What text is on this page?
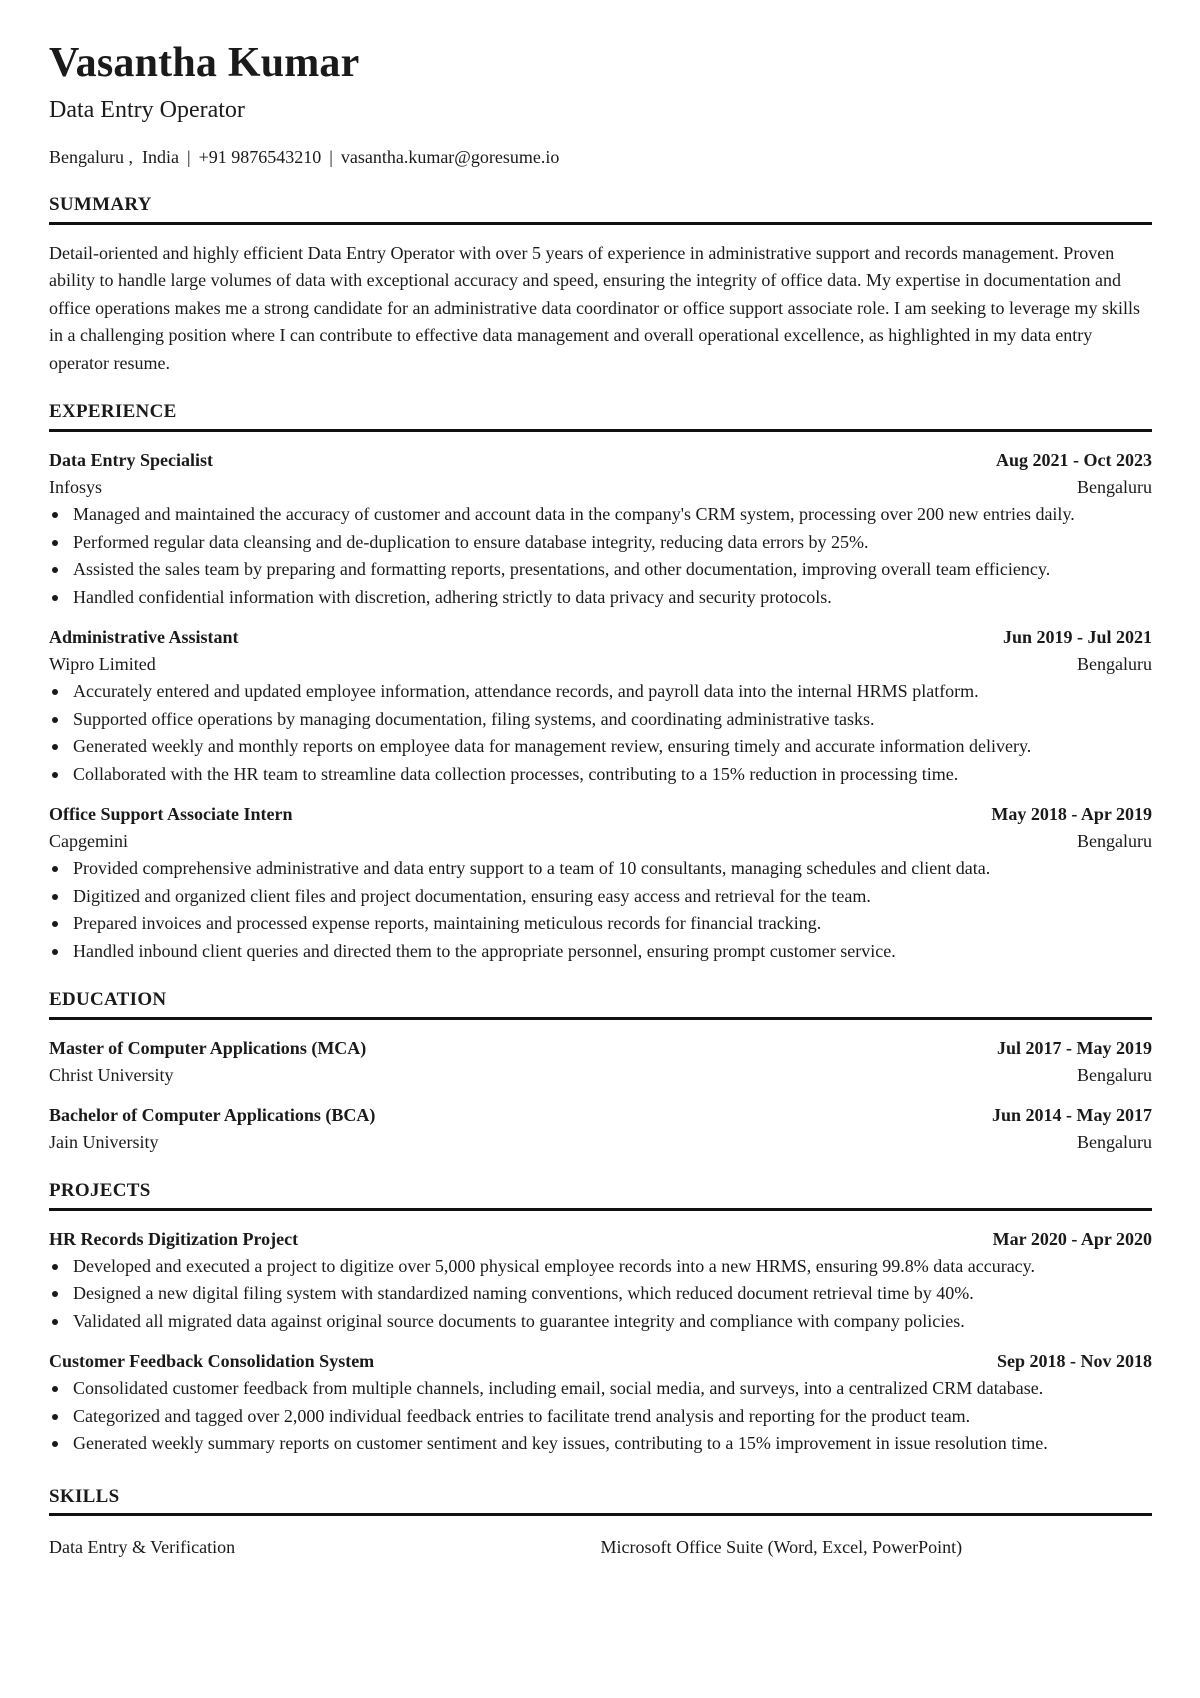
Vasantha Kumar
Data Entry Operator
Bengaluru ,  India | +91 9876543210 | vasantha.kumar@goresume.io
SUMMARY
Detail-oriented and highly efficient Data Entry Operator with over 5 years of experience in administrative support and records management. Proven ability to handle large volumes of data with exceptional accuracy and speed, ensuring the integrity of office data. My expertise in documentation and office operations makes me a strong candidate for an administrative data coordinator or office support associate role. I am seeking to leverage my skills in a challenging position where I can contribute to effective data management and overall operational excellence, as highlighted in my data entry operator resume.
EXPERIENCE
Data Entry Specialist	Aug 2021 - Oct 2023
Infosys	Bengaluru
Managed and maintained the accuracy of customer and account data in the company's CRM system, processing over 200 new entries daily.
Performed regular data cleansing and de-duplication to ensure database integrity, reducing data errors by 25%.
Assisted the sales team by preparing and formatting reports, presentations, and other documentation, improving overall team efficiency.
Handled confidential information with discretion, adhering strictly to data privacy and security protocols.
Administrative Assistant	Jun 2019 - Jul 2021
Wipro Limited	Bengaluru
Accurately entered and updated employee information, attendance records, and payroll data into the internal HRMS platform.
Supported office operations by managing documentation, filing systems, and coordinating administrative tasks.
Generated weekly and monthly reports on employee data for management review, ensuring timely and accurate information delivery.
Collaborated with the HR team to streamline data collection processes, contributing to a 15% reduction in processing time.
Office Support Associate Intern	May 2018 - Apr 2019
Capgemini	Bengaluru
Provided comprehensive administrative and data entry support to a team of 10 consultants, managing schedules and client data.
Digitized and organized client files and project documentation, ensuring easy access and retrieval for the team.
Prepared invoices and processed expense reports, maintaining meticulous records for financial tracking.
Handled inbound client queries and directed them to the appropriate personnel, ensuring prompt customer service.
EDUCATION
Master of Computer Applications (MCA)	Jul 2017 - May 2019
Christ University	Bengaluru
Bachelor of Computer Applications (BCA)	Jun 2014 - May 2017
Jain University	Bengaluru
PROJECTS
HR Records Digitization Project	Mar 2020 - Apr 2020
Developed and executed a project to digitize over 5,000 physical employee records into a new HRMS, ensuring 99.8% data accuracy.
Designed a new digital filing system with standardized naming conventions, which reduced document retrieval time by 40%.
Validated all migrated data against original source documents to guarantee integrity and compliance with company policies.
Customer Feedback Consolidation System	Sep 2018 - Nov 2018
Consolidated customer feedback from multiple channels, including email, social media, and surveys, into a centralized CRM database.
Categorized and tagged over 2,000 individual feedback entries to facilitate trend analysis and reporting for the product team.
Generated weekly summary reports on customer sentiment and key issues, contributing to a 15% improvement in issue resolution time.
SKILLS
Data Entry & Verification	Microsoft Office Suite (Word, Excel, PowerPoint)
